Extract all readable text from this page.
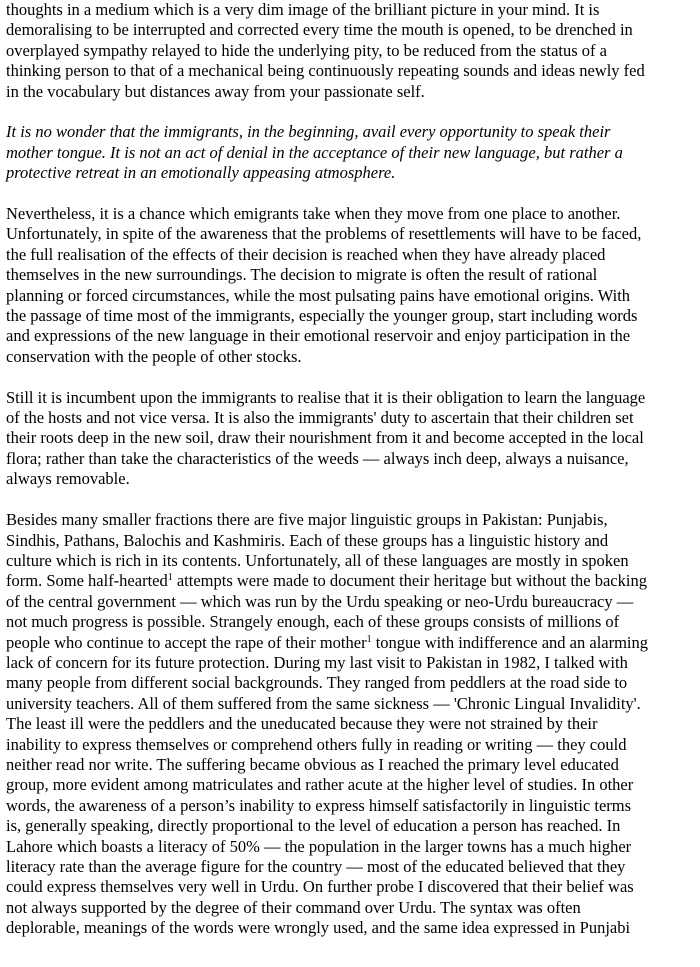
thoughts in a medium which is a very dim image of the brilliant picture in your mind. It is
demoralising to be interrupted and corrected every time the mouth is opened, to be drenched in
overplayed sympathy relayed to hide the underlying pity, to be reduced from the status of a
thinking person to that of a mechanical being continuously repeating sounds and ideas newly fed
in the vocabulary but distances away from your passionate self.

It is no wonder that the immigrants, in the beginning, avail every opportunity to speak their
mother tongue. It is not an act of denial in the acceptance of their new language, but rather a
protective retreat in an emotionally appeasing atmosphere.

Nevertheless, it is a chance which emigrants take when they move from one place to another.
Unfortunately, in spite of the awareness that the problems of resettlements will have to be faced,
the full realisation of the effects of their decision is reached when they have already placed
themselves in the new surroundings. The decision to migrate is often the result of rational
planning or forced circumstances, while the most pulsating pains have emotional origins. With
the passage of time most of the immigrants, especially the younger group, start including words
and expressions of the new language in their emotional reservoir and enjoy participation in the
conservation with the people of other stocks.

Still it is incumbent upon the immigrants to realise that it is their obligation to learn the language
of the hosts and not vice versa. It is also the immigrants' duty to ascertain that their children set
their roots deep in the new soil, draw their nourishment from it and become accepted in the local
flora; rather than take the characteristics of the weeds — always inch deep, always a nuisance,
always removable.

Besides many smaller fractions there are five major linguistic groups in Pakistan: Punjabis,
Sindhis, Pathans, Balochis and Kashmiris. Each of these groups has a linguistic history and
culture which is rich in its contents. Unfortunately, all of these languages are mostly in spoken
form. Some half-hearted$^1$ attempts were made to document their heritage but without the backing
of the central government — which was run by the Urdu speaking or neo-Urdu bureaucracy —
not much progress is possible. Strangely enough, each of these groups consists of millions of
people who continue to accept the rape of their mother$^1$ tongue with indifference and an alarming
lack of concern for its future protection. During my last visit to Pakistan in 1982, I talked with
many people from different social backgrounds. They ranged from peddlers at the road side to
university teachers. All of them suffered from the same sickness — 'Chronic Lingual Invalidity'.
The least ill were the peddlers and the uneducated because they were not strained by their
inability to express themselves or comprehend others fully in reading or writing — they could
neither read nor write. The suffering became obvious as I reached the primary level educated
group, more evident among matriculates and rather acute at the higher level of studies. In other
words, the awareness of a person’s inability to express himself satisfactorily in linguistic terms
is, generally speaking, directly proportional to the level of education a person has reached. In
Lahore which boasts a literacy of 50% — the population in the larger towns has a much higher
literacy rate than the average figure for the country — most of the educated believed that they
could express themselves very well in Urdu. On further probe I discovered that their belief was
not always supported by the degree of their command over Urdu. The syntax was often
deplorable, meanings of the words were wrongly used, and the same idea expressed in Punjabi
